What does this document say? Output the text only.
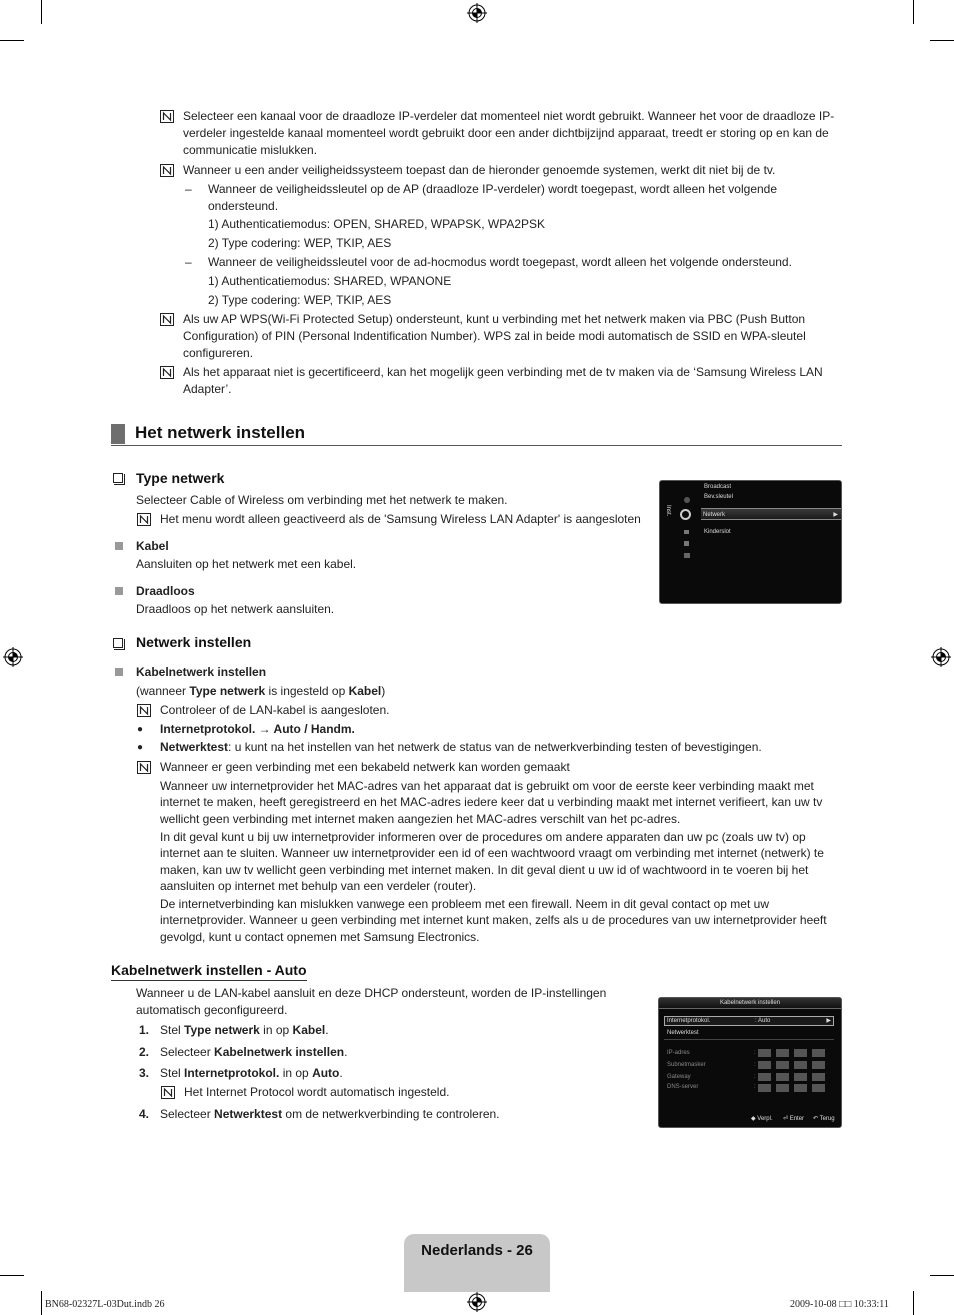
Selecteer een kanaal voor de draadloze IP-verdeler dat momenteel niet wordt gebruikt. Wanneer het voor de draadloze IP-verdeler ingestelde kanaal momenteel wordt gebruikt door een ander dichtbijzijnd apparaat, treedt er storing op en kan de communicatie mislukken.
Wanneer u een ander veiligheidssysteem toepast dan de hieronder genoemde systemen, werkt dit niet bij de tv.
– Wanneer de veiligheidssleutel op de AP (draadloze IP-verdeler) wordt toegepast, wordt alleen het volgende ondersteund.
1) Authenticatiemodus: OPEN, SHARED, WPAPSK, WPA2PSK
2) Type codering: WEP, TKIP, AES
– Wanneer de veiligheidssleutel voor de ad-hocmodus wordt toegepast, wordt alleen het volgende ondersteund.
1) Authenticatiemodus: SHARED, WPANONE
2) Type codering: WEP, TKIP, AES
Als uw AP WPS(Wi-Fi Protected Setup) ondersteunt, kunt u verbinding met het netwerk maken via PBC (Push Button Configuration) of PIN (Personal Indentification Number). WPS zal in beide modi automatisch de SSID en WPA-sleutel configureren.
Als het apparaat niet is gecertificeerd, kan het mogelijk geen verbinding met de tv maken via de ‘Samsung Wireless LAN Adapter’.
Het netwerk instellen
Type netwerk
Selecteer Cable of Wireless om verbinding met het netwerk te maken.
Het menu wordt alleen geactiveerd als de 'Samsung Wireless LAN Adapter' is aangesloten
Kabel
Aansluiten op het netwerk met een kabel.
Draadloos
Draadloos op het netwerk aansluiten.
Inst.
Broadcast
Bev.sleutel
Netwerk	▶
Kinderslot
Netwerk instellen
Kabelnetwerk instellen
(wanneer Type netwerk is ingesteld op Kabel)
Controleer of de LAN-kabel is aangesloten.
● Internetprotokol. → Auto / Handm.
● Netwerktest: u kunt na het instellen van het netwerk de status van de netwerkverbinding testen of bevestigingen.
Wanneer er geen verbinding met een bekabeld netwerk kan worden gemaakt
Wanneer uw internetprovider het MAC-adres van het apparaat dat is gebruikt om voor de eerste keer verbinding maakt met internet te maken, heeft geregistreerd en het MAC-adres iedere keer dat u verbinding maakt met internet verifieert, kan uw tv wellicht geen verbinding met internet maken aangezien het MAC-adres verschilt van het pc-adres.
In dit geval kunt u bij uw internetprovider informeren over de procedures om andere apparaten dan uw pc (zoals uw tv) op internet aan te sluiten. Wanneer uw internetprovider een id of een wachtwoord vraagt om verbinding met internet (netwerk) te maken, kan uw tv wellicht geen verbinding met internet maken. In dit geval dient u uw id of wachtwoord in te voeren bij het aansluiten op internet met behulp van een verdeler (router).
De internetverbinding kan mislukken vanwege een probleem met een firewall. Neem in dit geval contact op met uw internetprovider. Wanneer u geen verbinding met internet kunt maken, zelfs als u de procedures van uw internetprovider heeft gevolgd, kunt u contact opnemen met Samsung Electronics.
Kabelnetwerk instellen - Auto
Wanneer u de LAN-kabel aansluit en deze DHCP ondersteunt, worden de IP-instellingen automatisch geconfigureerd.
1. Stel Type netwerk in op Kabel.
2. Selecteer Kabelnetwerk instellen.
3. Stel Internetprotokol. in op Auto.
Het Internet Protocol wordt automatisch ingesteld.
4. Selecteer Netwerktest om de netwerkverbinding te controleren.
Kabelnetwerk instellen
Internetprotokol.	: Auto	▶
Netwerktest
IP-adres
Subnetmasker
Gateway
DNS-server
:
:
:
:
◆ Verpl. ⏎ Enter ↶ Terug
Nederlands - 26
BN68-02327L-03Dut.indb 26	2009-10-08 □□ 10:33:11
